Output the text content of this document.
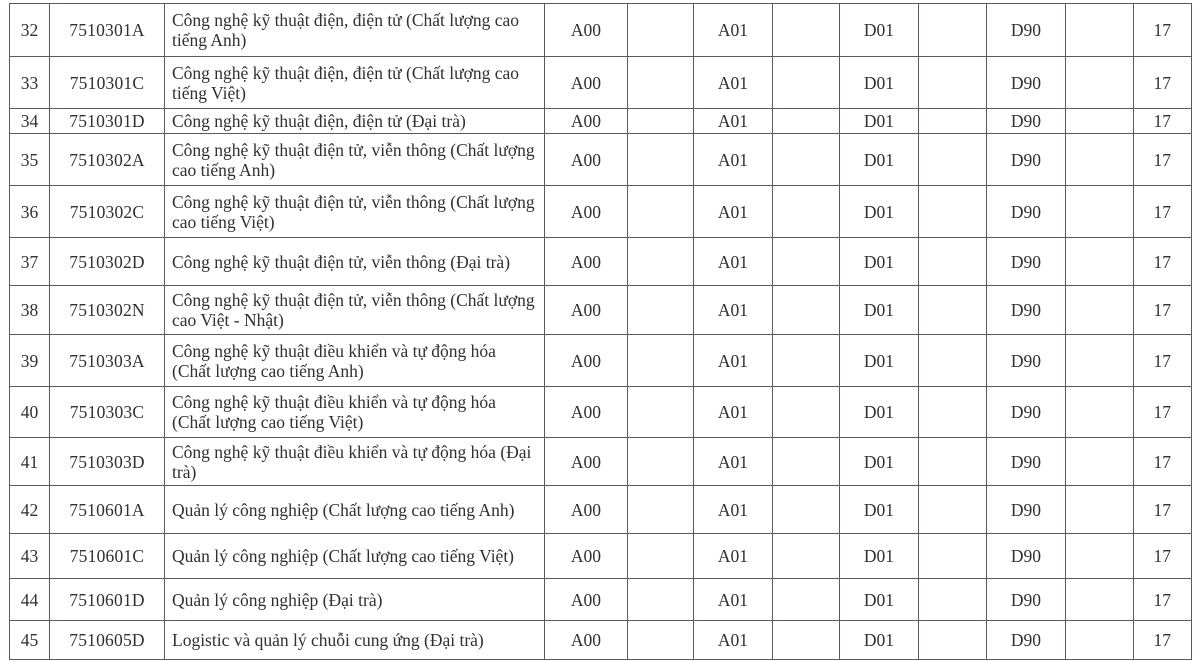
32	7510301A	Công nghệ kỹ thuật điện, điện tử (Chất lượng cao tiếng Anh)	A00		A01		D01		D90		17
33	7510301C	Công nghệ kỹ thuật điện, điện tử (Chất lượng cao tiếng Việt)	A00		A01		D01		D90		17
34	7510301D	Công nghệ kỹ thuật điện, điện tử (Đại trà)	A00		A01		D01		D90		17
35	7510302A	Công nghệ kỹ thuật điện tử, viễn thông (Chất lượng cao tiếng Anh)	A00		A01		D01		D90		17
36	7510302C	Công nghệ kỹ thuật điện tử, viễn thông (Chất lượng cao tiếng Việt)	A00		A01		D01		D90		17
37	7510302D	Công nghệ kỹ thuật điện tử, viễn thông (Đại trà)	A00		A01		D01		D90		17
38	7510302N	Công nghệ kỹ thuật điện tử, viễn thông (Chất lượng cao Việt - Nhật)	A00		A01		D01		D90		17
39	7510303A	Công nghệ kỹ thuật điều khiển và tự động hóa (Chất lượng cao tiếng Anh)	A00		A01		D01		D90		17
40	7510303C	Công nghệ kỹ thuật điều khiển và tự động hóa (Chất lượng cao tiếng Việt)	A00		A01		D01		D90		17
41	7510303D	Công nghệ kỹ thuật điều khiển và tự động hóa (Đại trà)	A00		A01		D01		D90		17
42	7510601A	Quản lý công nghiệp (Chất lượng cao tiếng Anh)	A00		A01		D01		D90		17
43	7510601C	Quản lý công nghiệp (Chất lượng cao tiếng Việt)	A00		A01		D01		D90		17
44	7510601D	Quản lý công nghiệp (Đại trà)	A00		A01		D01		D90		17
45	7510605D	Logistic và quản lý chuỗi cung ứng (Đại trà)	A00		A01		D01		D90		17
